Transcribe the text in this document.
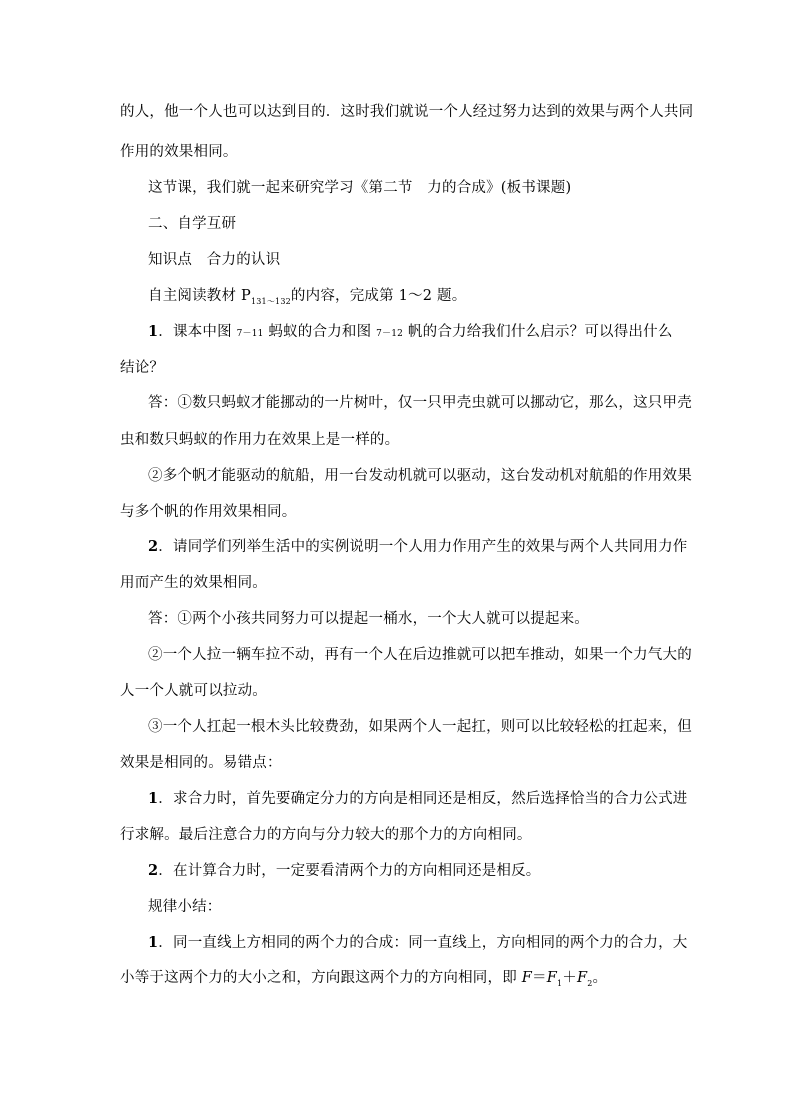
的人，他一个人也可以达到目的．这时我们就说一个人经过努力达到的效果与两个人共同
作用的效果相同。
这节课，我们就一起来研究学习《第二节　力的合成》(板书课题)
二、自学互研
知识点　合力的认识
自主阅读教材 $P_{131\sim 132}$的内容，完成第 1～2 题。
1．课本中图 7－11 蚂蚁的合力和图 7－12 帆的合力给我们什么启示？可以得出什么
结论？
答：①数只蚂蚁才能挪动的一片树叶，仅一只甲壳虫就可以挪动它，那么，这只甲壳
虫和数只蚂蚁的作用力在效果上是一样的。
②多个帆才能驱动的航船，用一台发动机就可以驱动，这台发动机对航船的作用效果
与多个帆的作用效果相同。
2．请同学们列举生活中的实例说明一个人用力作用产生的效果与两个人共同用力作
用而产生的效果相同。
答：①两个小孩共同努力可以提起一桶水，一个大人就可以提起来。
②一个人拉一辆车拉不动，再有一个人在后边推就可以把车推动，如果一个力气大的
人一个人就可以拉动。
③一个人扛起一根木头比较费劲，如果两个人一起扛，则可以比较轻松的扛起来，但
效果是相同的。易错点：
1．求合力时，首先要确定分力的方向是相同还是相反，然后选择恰当的合力公式进
行求解。最后注意合力的方向与分力较大的那个力的方向相同。
2．在计算合力时，一定要看清两个力的方向相同还是相反。
规律小结：
1．同一直线上方相同的两个力的合成：同一直线上，方向相同的两个力的合力，大
小等于这两个力的大小之和，方向跟这两个力的方向相同，即 $F=F_1+F_2$。
